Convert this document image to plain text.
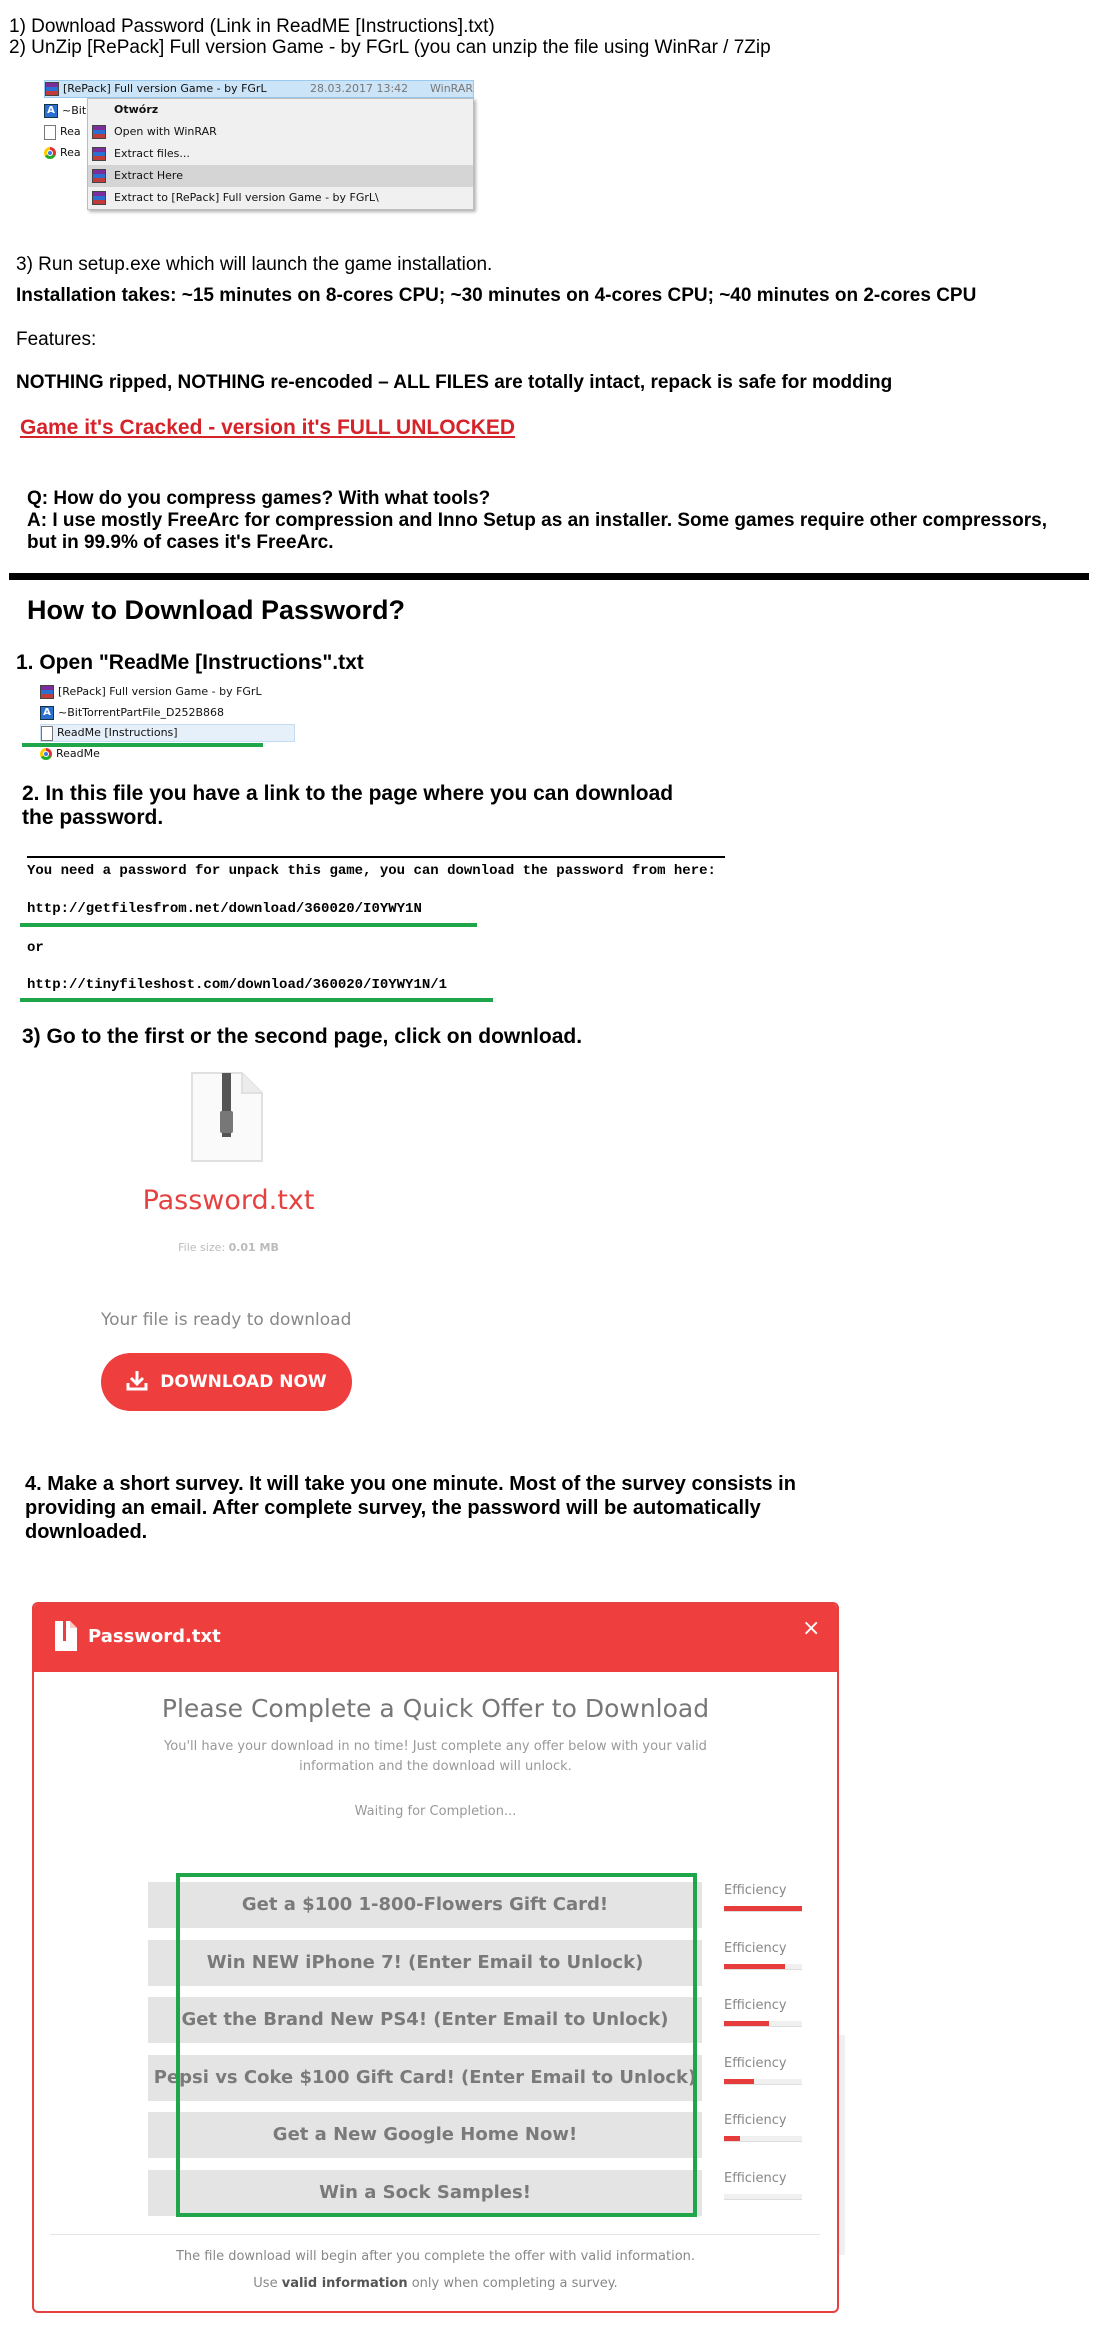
1) Download Password (Link in ReadME [Instructions].txt)
2) UnZip [RePack] Full version Game - by FGrL (you can unzip the file using WinRar / 7Zip
[RePack] Full version Game - by FGrL	28.03.2017 13:42 WinRAR
A ~Bit
Rea
Rea
Otwórz
Open with WinRAR
Extract files...
Extract Here
Extract to [RePack] Full version Game - by FGrL\
3) Run setup.exe which will launch the game installation.
Installation takes: ~15 minutes on 8-cores CPU; ~30 minutes on 4-cores CPU; ~40 minutes on 2-cores CPU
Features:
NOTHING ripped, NOTHING re-encoded – ALL FILES are totally intact, repack is safe for modding
Game it's Cracked - version it's FULL UNLOCKED
Q: How do you compress games? With what tools?
A: I use mostly FreeArc for compression and Inno Setup as an installer. Some games require other compressors,
but in 99.9% of cases it's FreeArc.
How to Download Password?
1. Open "ReadMe [Instructions".txt
[RePack] Full version Game - by FGrL
A ~BitTorrentPartFile_D252B868
ReadMe [Instructions]
ReadMe
2. In this file you have a link to the page where you can download
the password.
You need a password for unpack this game, you can download the password from here:
http://getfilesfrom.net/download/360020/I0YWY1N
or
http://tinyfileshost.com/download/360020/I0YWY1N/1
3) Go to the first or the second page, click on download.
Password.txt
File size: 0.01 MB
Your file is ready to download
DOWNLOAD NOW
4. Make a short survey. It will take you one minute. Most of the survey consists in
providing an email. After complete survey, the password will be automatically
downloaded.
Password.txt	×
Please Complete a Quick Offer to Download
You'll have your download in no time! Just complete any offer below with your valid
information and the download will unlock.
Waiting for Completion...
Get a $100 1-800-Flowers Gift Card!
Efficiency
Win NEW iPhone 7! (Enter Email to Unlock)
Efficiency
Get the Brand New PS4! (Enter Email to Unlock)
Efficiency
Pepsi vs Coke $100 Gift Card! (Enter Email to Unlock)
Efficiency
Get a New Google Home Now!
Efficiency
Win a Sock Samples!
Efficiency
The file download will begin after you complete the offer with valid information.
Use valid information only when completing a survey.
